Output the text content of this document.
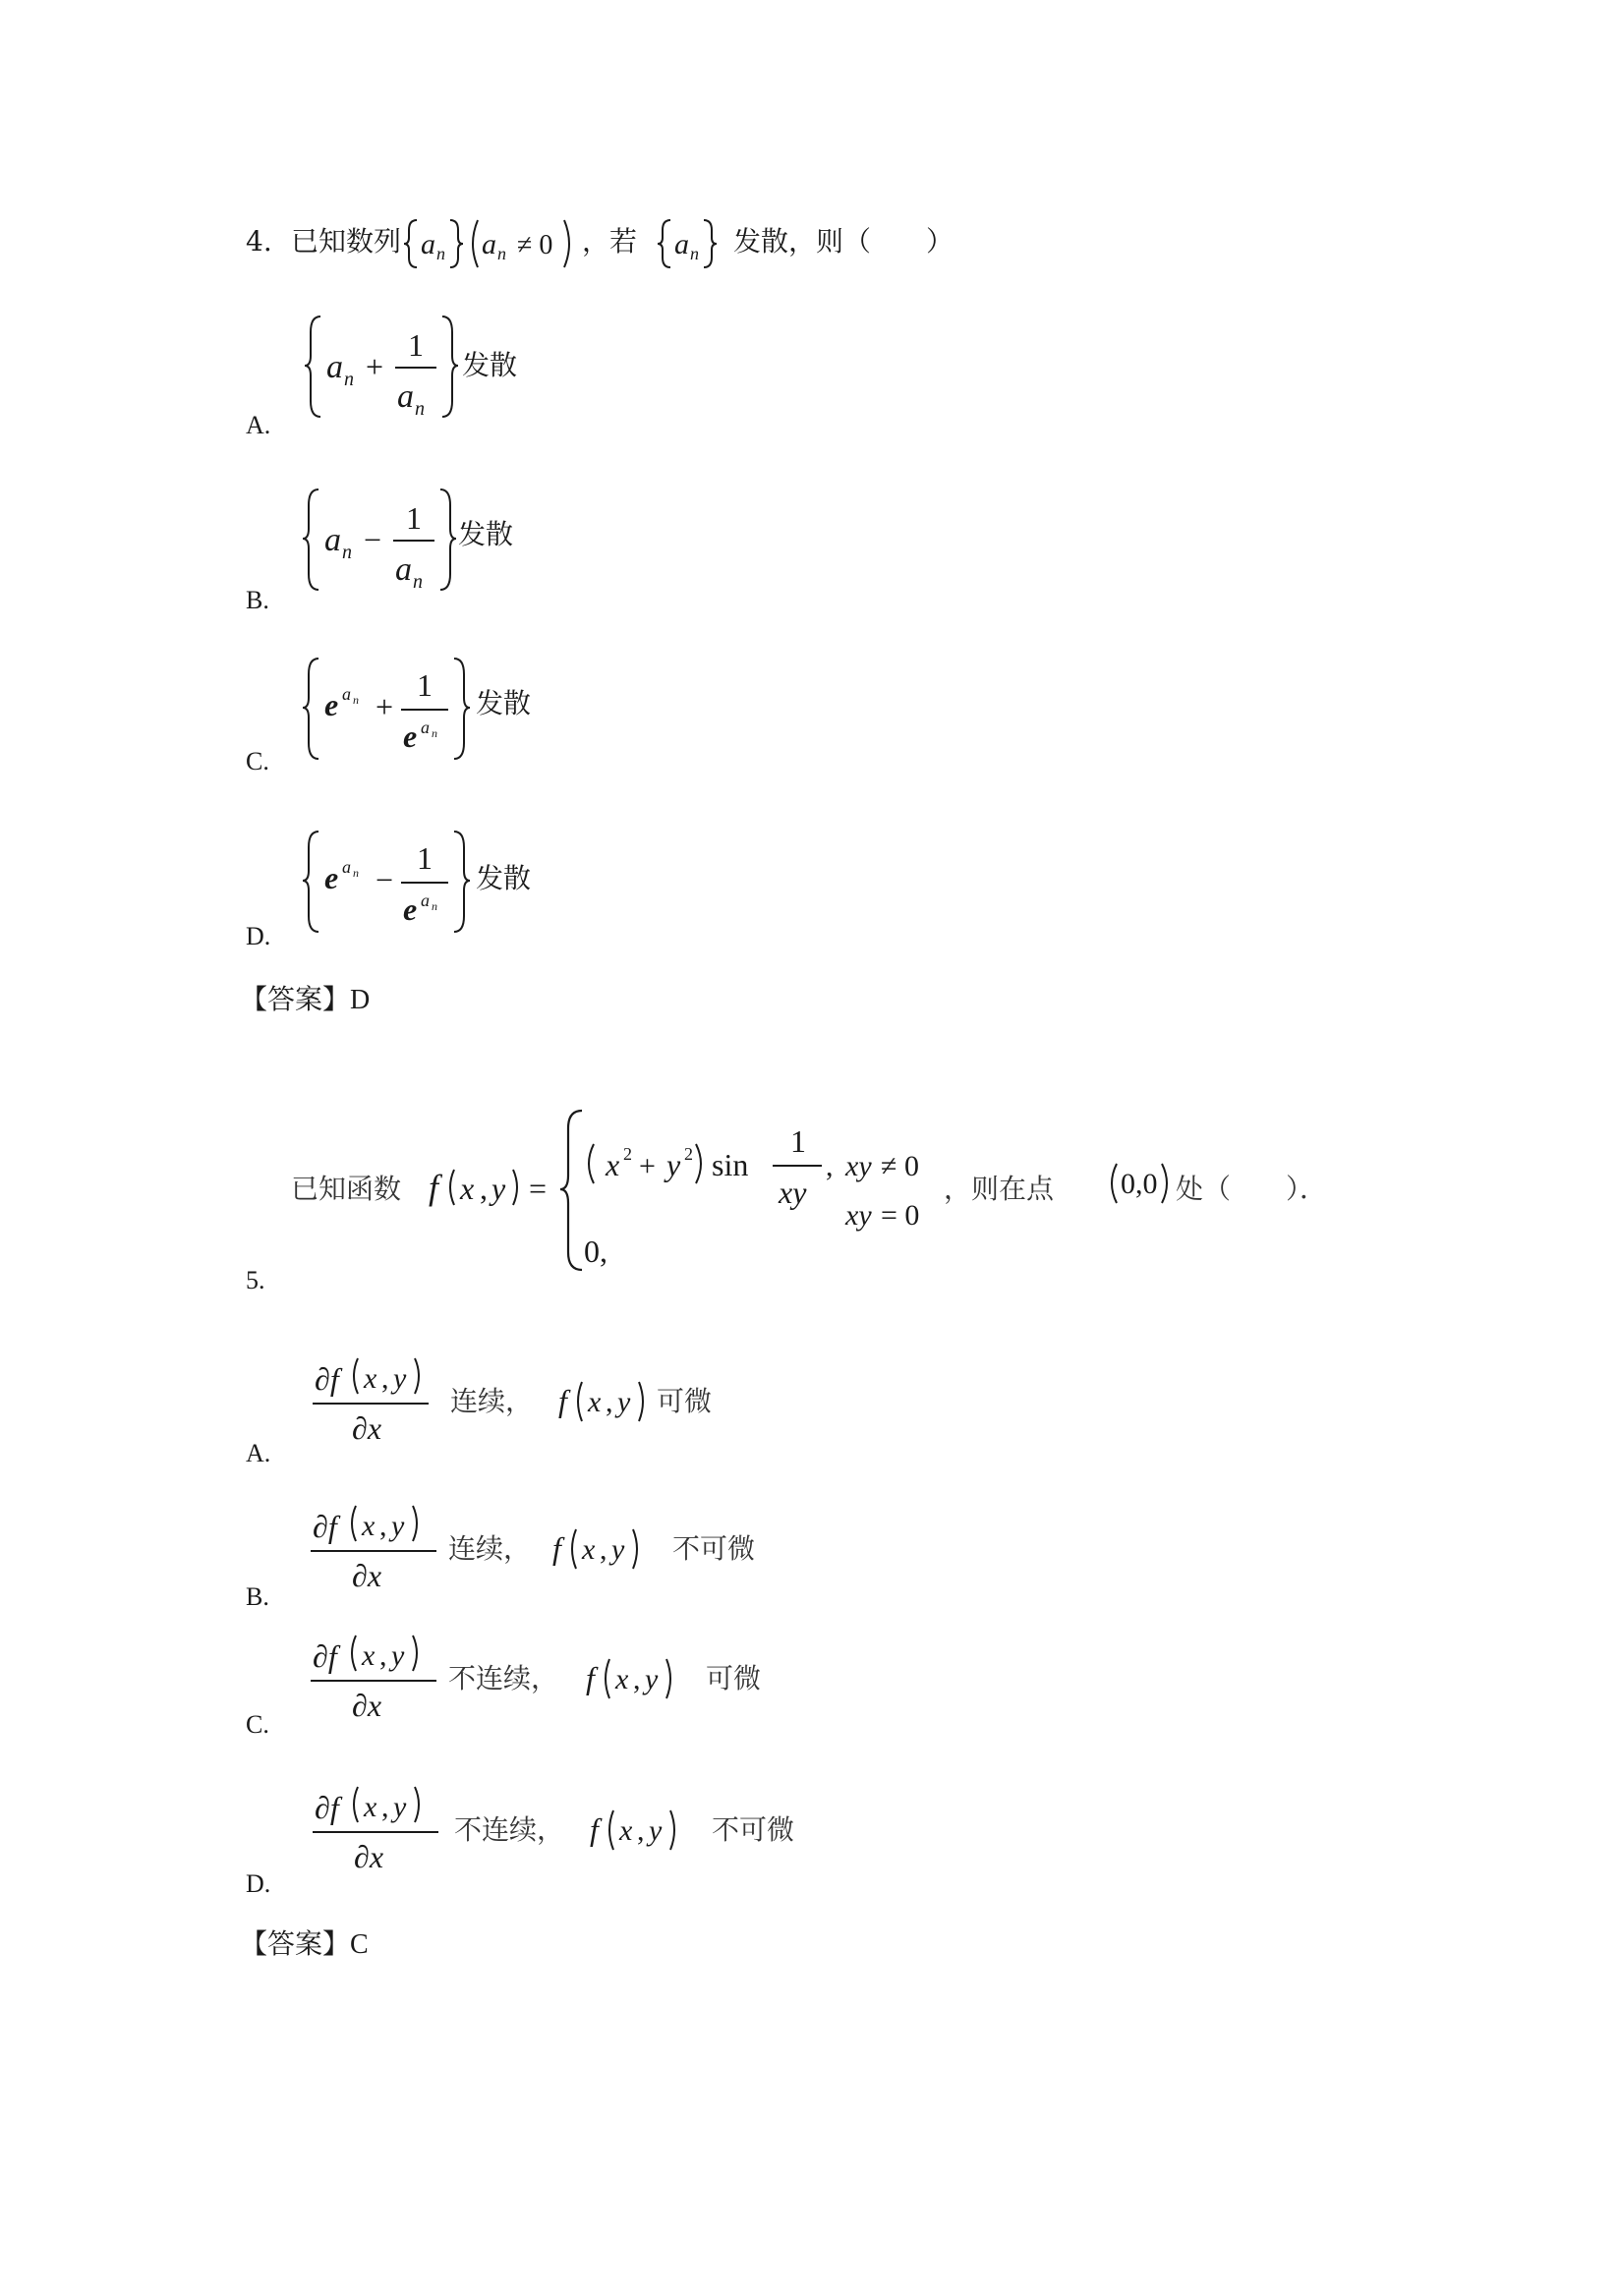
4. 已知数列 a n a n ≠ 0 ，若 a n 发散，则（　　）
A.
a n +
1
a n
发散
B.
a n −
1
a n
发散
C.
e a n +
1
e a n
发散
D.
e a n −
1
e a n
发散
【答案】D
5.
已知函数 f x , y =
x 2 + y 2 sin
1
xy
, xy ≠ 0
xy = 0
0,
，则在点 0,0 处（　　）．
A.
∂f x , y
∂x
连续， f x , y 可微
B.
∂f x , y
∂x
连续， f x , y 不可微
C.
∂f x , y
∂x
不连续， f x , y 可微
D.
∂f x , y
∂x
不连续， f x , y 不可微
【答案】C
